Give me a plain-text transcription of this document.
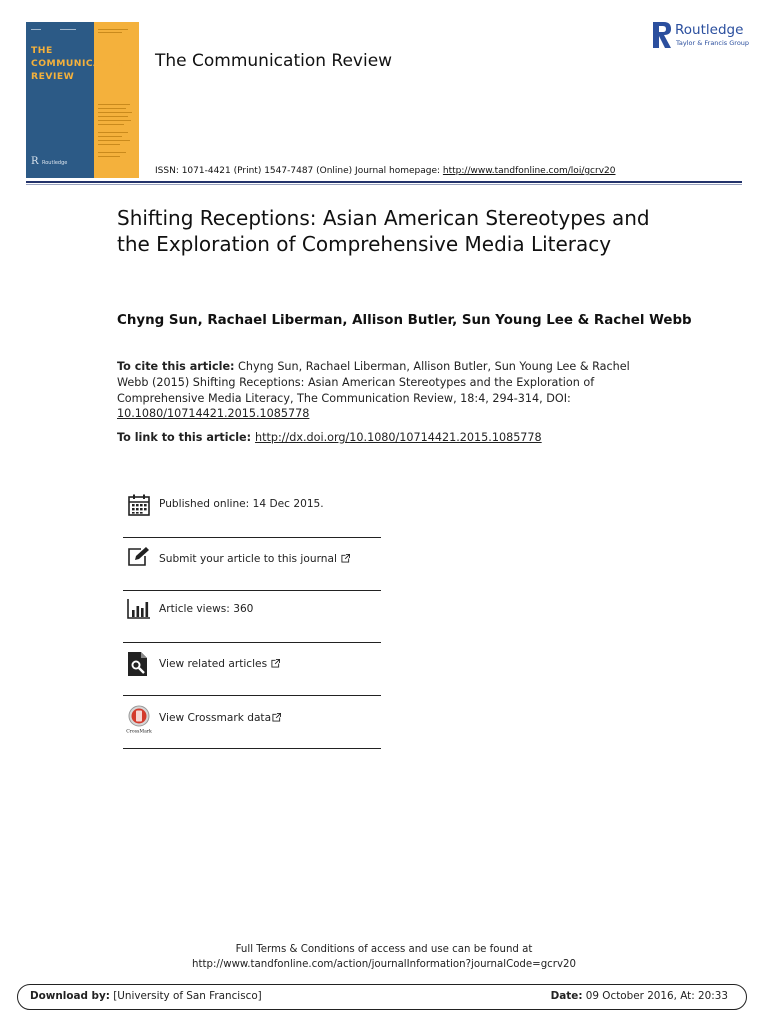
THE
COMMUNICATION
REVIEW
R Routledge
The Communication Review
Routledge
Taylor & Francis Group
ISSN: 1071-4421 (Print) 1547-7487 (Online) Journal homepage: http://www.tandfonline.com/loi/gcrv20
Shifting Receptions: Asian American Stereotypes and the Exploration of Comprehensive Media Literacy
Chyng Sun, Rachael Liberman, Allison Butler, Sun Young Lee & Rachel Webb
To cite this article: Chyng Sun, Rachael Liberman, Allison Butler, Sun Young Lee & Rachel Webb (2015) Shifting Receptions: Asian American Stereotypes and the Exploration of Comprehensive Media Literacy, The Communication Review, 18:4, 294-314, DOI: 10.1080/10714421.2015.1085778
To link to this article: http://dx.doi.org/10.1080/10714421.2015.1085778
Published online: 14 Dec 2015.
Submit your article to this journal
Article views: 360
View related articles
CrossMark
View Crossmark data
Full Terms & Conditions of access and use can be found at
http://www.tandfonline.com/action/journalInformation?journalCode=gcrv20
Download by: [University of San Francisco]	Date: 09 October 2016, At: 20:33
